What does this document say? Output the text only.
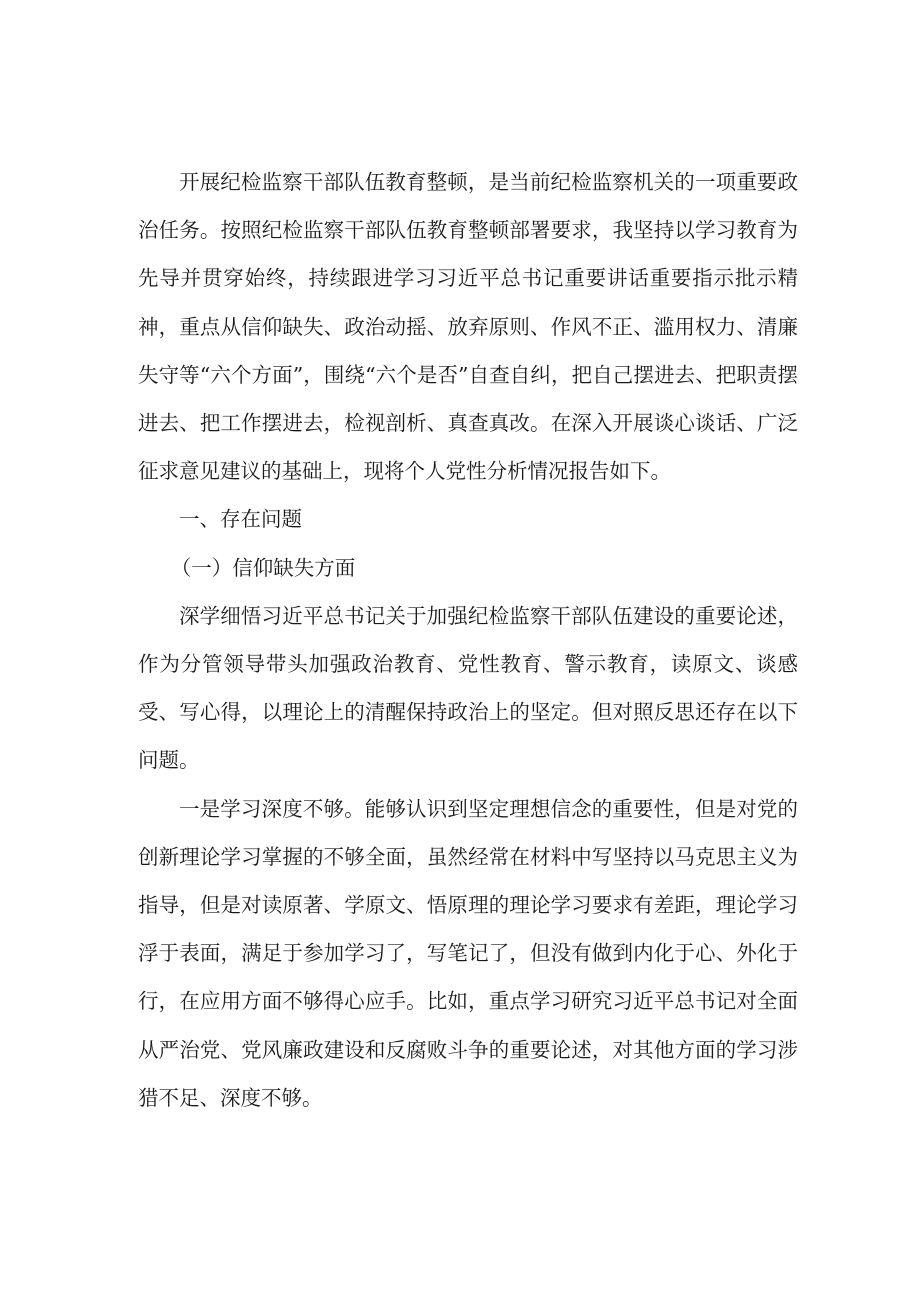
开展纪检监察干部队伍教育整顿，是当前纪检监察机关的一项重要政治任务。按照纪检监察干部队伍教育整顿部署要求，我坚持以学习教育为先导并贯穿始终，持续跟进学习习近平总书记重要讲话重要指示批示精神，重点从信仰缺失、政治动摇、放弃原则、作风不正、滥用权力、清廉失守等“六个方面”，围绕“六个是否”自查自纠，把自己摆进去、把职责摆进去、把工作摆进去，检视剖析、真查真改。在深入开展谈心谈话、广泛征求意见建议的基础上，现将个人党性分析情况报告如下。

一、存在问题

（一）信仰缺失方面

深学细悟习近平总书记关于加强纪检监察干部队伍建设的重要论述，作为分管领导带头加强政治教育、党性教育、警示教育，读原文、谈感受、写心得，以理论上的清醒保持政治上的坚定。但对照反思还存在以下问题。

一是学习深度不够。能够认识到坚定理想信念的重要性，但是对党的创新理论学习掌握的不够全面，虽然经常在材料中写坚持以马克思主义为指导，但是对读原著、学原文、悟原理的理论学习要求有差距，理论学习浮于表面，满足于参加学习了，写笔记了，但没有做到内化于心、外化于行，在应用方面不够得心应手。比如，重点学习研究习近平总书记对全面从严治党、党风廉政建设和反腐败斗争的重要论述，对其他方面的学习涉猎不足、深度不够。
